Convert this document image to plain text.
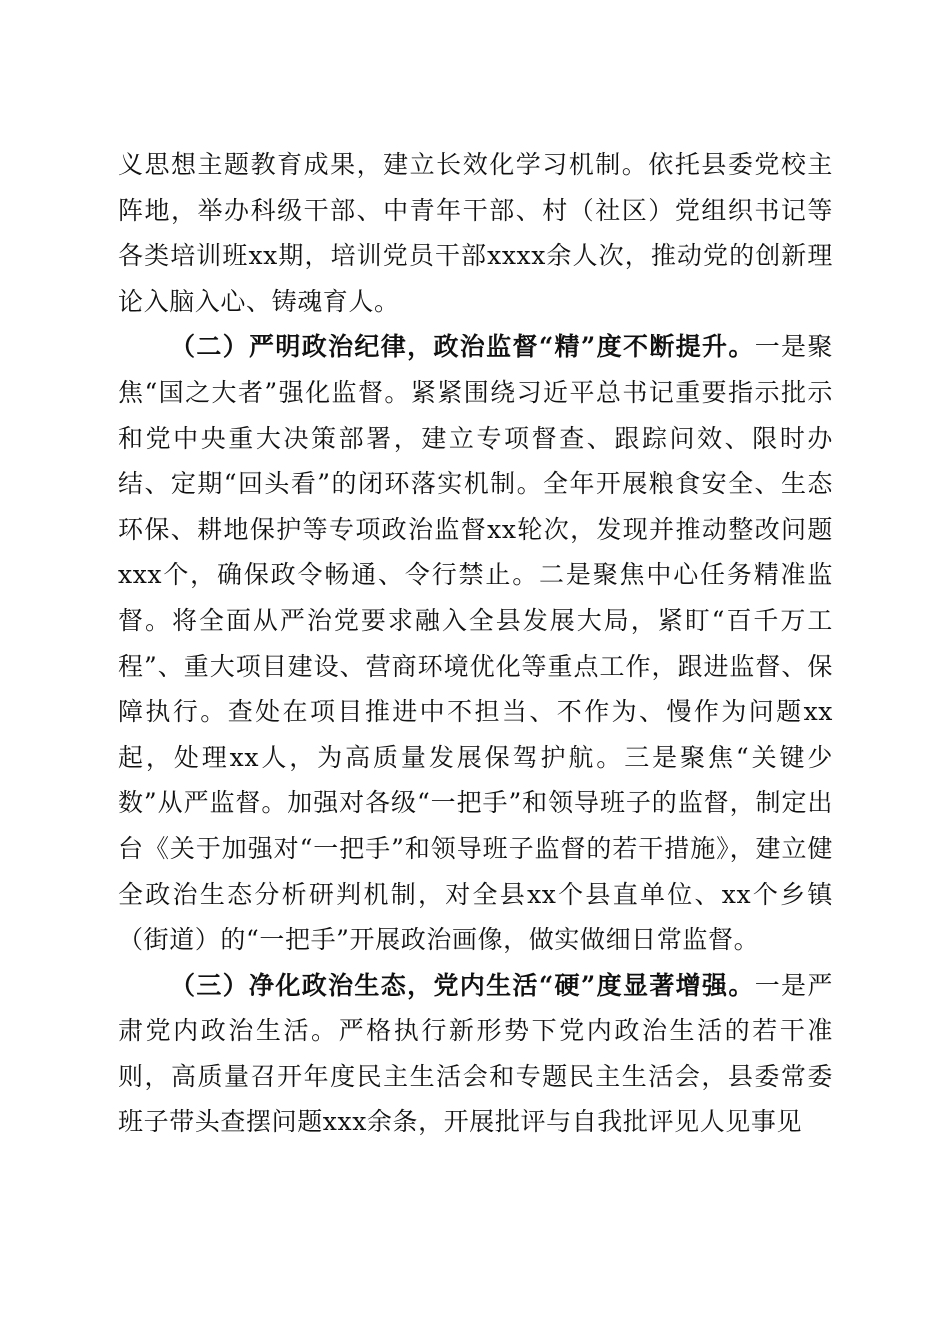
义思想主题教育成果，建立长效化学习机制。依托县委党校主阵地，举办科级干部、中青年干部、村（社区）党组织书记等各类培训班xx期，培训党员干部xxxx余人次，推动党的创新理论入脑入心、铸魂育人。

（二）严明政治纪律，政治监督“精”度不断提升。一是聚焦“国之大者”强化监督。紧紧围绕习近平总书记重要指示批示和党中央重大决策部署，建立专项督查、跟踪问效、限时办结、定期“回头看”的闭环落实机制。全年开展粮食安全、生态环保、耕地保护等专项政治监督xx轮次，发现并推动整改问题xxx个，确保政令畅通、令行禁止。二是聚焦中心任务精准监督。将全面从严治党要求融入全县发展大局，紧盯“百千万工程”、重大项目建设、营商环境优化等重点工作，跟进监督、保障执行。查处在项目推进中不担当、不作为、慢作为问题xx起，处理xx人，为高质量发展保驾护航。三是聚焦“关键少数”从严监督。加强对各级“一把手”和领导班子的监督，制定出台《关于加强对“一把手”和领导班子监督的若干措施》，建立健全政治生态分析研判机制，对全县xx个县直单位、xx个乡镇（街道）的“一把手”开展政治画像，做实做细日常监督。

（三）净化政治生态，党内生活“硬”度显著增强。一是严肃党内政治生活。严格执行新形势下党内政治生活的若干准则，高质量召开年度民主生活会和专题民主生活会，县委常委班子带头查摆问题xxx余条，开展批评与自我批评见人见事见
